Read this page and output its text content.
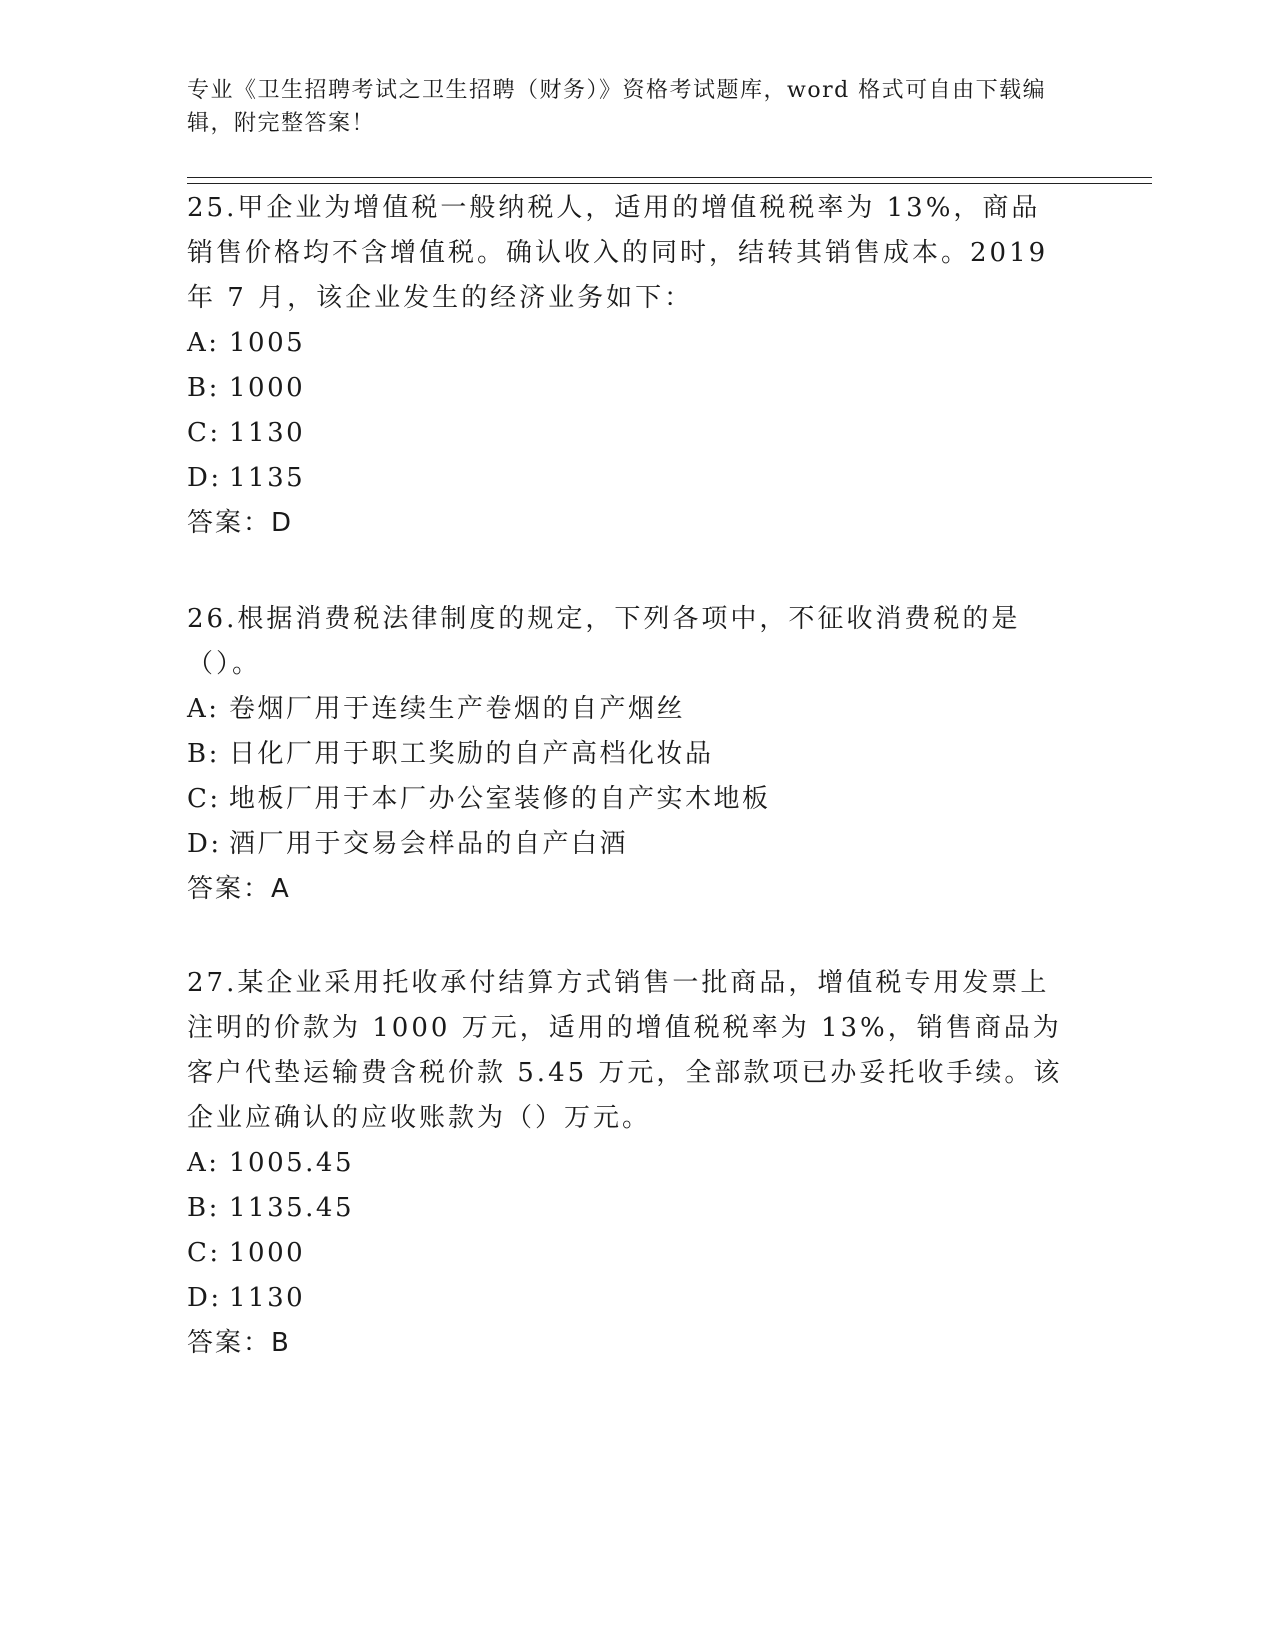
专业《卫生招聘考试之卫生招聘（财务）》资格考试题库，word 格式可自由下载编辑，附完整答案！

25.甲企业为增值税一般纳税人，适用的增值税税率为 13%，商品销售价格均不含增值税。确认收入的同时，结转其销售成本。2019 年 7 月，该企业发生的经济业务如下：

A: 1005

B: 1000

C: 1130

D: 1135

答案：D

26.根据消费税法律制度的规定，下列各项中，不征收消费税的是（）。

A: 卷烟厂用于连续生产卷烟的自产烟丝

B: 日化厂用于职工奖励的自产高档化妆品

C: 地板厂用于本厂办公室装修的自产实木地板

D: 酒厂用于交易会样品的自产白酒

答案：A

27.某企业采用托收承付结算方式销售一批商品，增值税专用发票上注明的价款为 1000 万元，适用的增值税税率为 13%，销售商品为客户代垫运输费含税价款 5.45 万元，全部款项已办妥托收手续。该企业应确认的应收账款为（）万元。

A: 1005.45

B: 1135.45

C: 1000

D: 1130

答案：B
